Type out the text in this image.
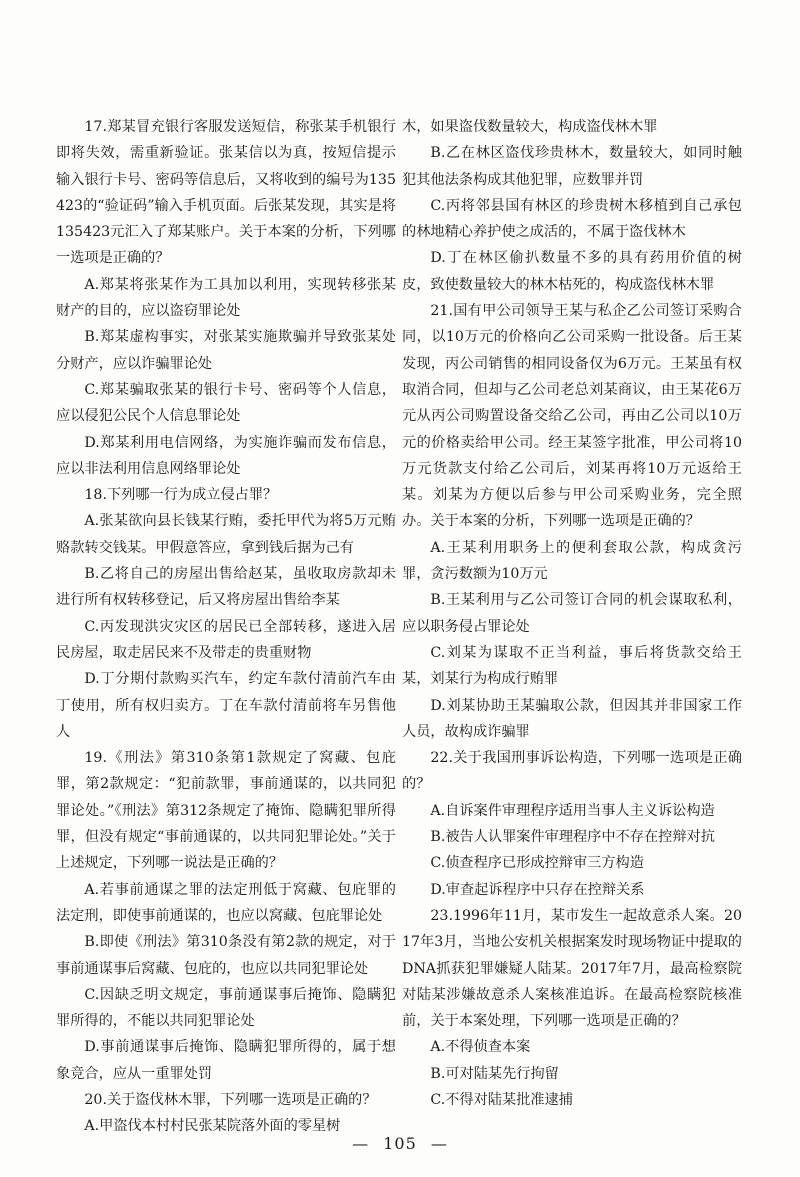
17.郑某冒充银行客服发送短信，称张某手机银行即将失效，需重新验证。张某信以为真，按短信提示输入银行卡号、密码等信息后，又将收到的编号为135423的“验证码”输入手机页面。后张某发现，其实是将135423元汇入了郑某账户。关于本案的分析，下列哪一选项是正确的？

A.郑某将张某作为工具加以利用，实现转移张某财产的目的，应以盗窃罪论处

B.郑某虚构事实，对张某实施欺骗并导致张某处分财产，应以诈骗罪论处

C.郑某骗取张某的银行卡号、密码等个人信息，应以侵犯公民个人信息罪论处

D.郑某利用电信网络，为实施诈骗而发布信息，应以非法利用信息网络罪论处

18.下列哪一行为成立侵占罪？

A.张某欲向县长钱某行贿，委托甲代为将5万元贿赂款转交钱某。甲假意答应，拿到钱后据为己有

B.乙将自己的房屋出售给赵某，虽收取房款却未进行所有权转移登记，后又将房屋出售给李某

C.丙发现洪灾灾区的居民已全部转移，遂进入居民房屋，取走居民来不及带走的贵重财物

D.丁分期付款购买汽车，约定车款付清前汽车由丁使用，所有权归卖方。丁在车款付清前将车另售他人

19.《刑法》第310条第1款规定了窝藏、包庇罪，第2款规定：“犯前款罪，事前通谋的，以共同犯罪论处。”《刑法》第312条规定了掩饰、隐瞒犯罪所得罪，但没有规定“事前通谋的，以共同犯罪论处。”关于上述规定，下列哪一说法是正确的？

A.若事前通谋之罪的法定刑低于窝藏、包庇罪的法定刑，即使事前通谋的，也应以窝藏、包庇罪论处

B.即使《刑法》第310条没有第2款的规定，对于事前通谋事后窝藏、包庇的，也应以共同犯罪论处

C.因缺乏明文规定，事前通谋事后掩饰、隐瞒犯罪所得的，不能以共同犯罪论处

D.事前通谋事后掩饰、隐瞒犯罪所得的，属于想象竞合，应从一重罪处罚

20.关于盗伐林木罪，下列哪一选项是正确的？

A.甲盗伐本村村民张某院落外面的零星树

木，如果盗伐数量较大，构成盗伐林木罪

B.乙在林区盗伐珍贵林木，数量较大，如同时触犯其他法条构成其他犯罪，应数罪并罚

C.丙将邻县国有林区的珍贵树木移植到自己承包的林地精心养护使之成活的，不属于盗伐林木

D.丁在林区偷扒数量不多的具有药用价值的树皮，致使数量较大的林木枯死的，构成盗伐林木罪

21.国有甲公司领导王某与私企乙公司签订采购合同，以10万元的价格向乙公司采购一批设备。后王某发现，丙公司销售的相同设备仅为6万元。王某虽有权取消合同，但却与乙公司老总刘某商议，由王某花6万元从丙公司购置设备交给乙公司，再由乙公司以10万元的价格卖给甲公司。经王某签字批准，甲公司将10万元货款支付给乙公司后，刘某再将10万元返给王某。刘某为方便以后参与甲公司采购业务，完全照办。关于本案的分析，下列哪一选项是正确的？

A.王某利用职务上的便利套取公款，构成贪污罪，贪污数额为10万元

B.王某利用与乙公司签订合同的机会谋取私利，应以职务侵占罪论处

C.刘某为谋取不正当利益，事后将货款交给王某，刘某行为构成行贿罪

D.刘某协助王某骗取公款，但因其并非国家工作人员，故构成诈骗罪

22.关于我国刑事诉讼构造，下列哪一选项是正确的？

A.自诉案件审理程序适用当事人主义诉讼构造

B.被告人认罪案件审理程序中不存在控辩对抗

C.侦查程序已形成控辩审三方构造

D.审查起诉程序中只存在控辩关系

23.1996年11月，某市发生一起故意杀人案。2017年3月，当地公安机关根据案发时现场物证中提取的DNA抓获犯罪嫌疑人陆某。2017年7月，最高检察院对陆某涉嫌故意杀人案核准追诉。在最高检察院核准前，关于本案处理，下列哪一选项是正确的？

A.不得侦查本案

B.可对陆某先行拘留

C.不得对陆某批准逮捕

— 105 —
